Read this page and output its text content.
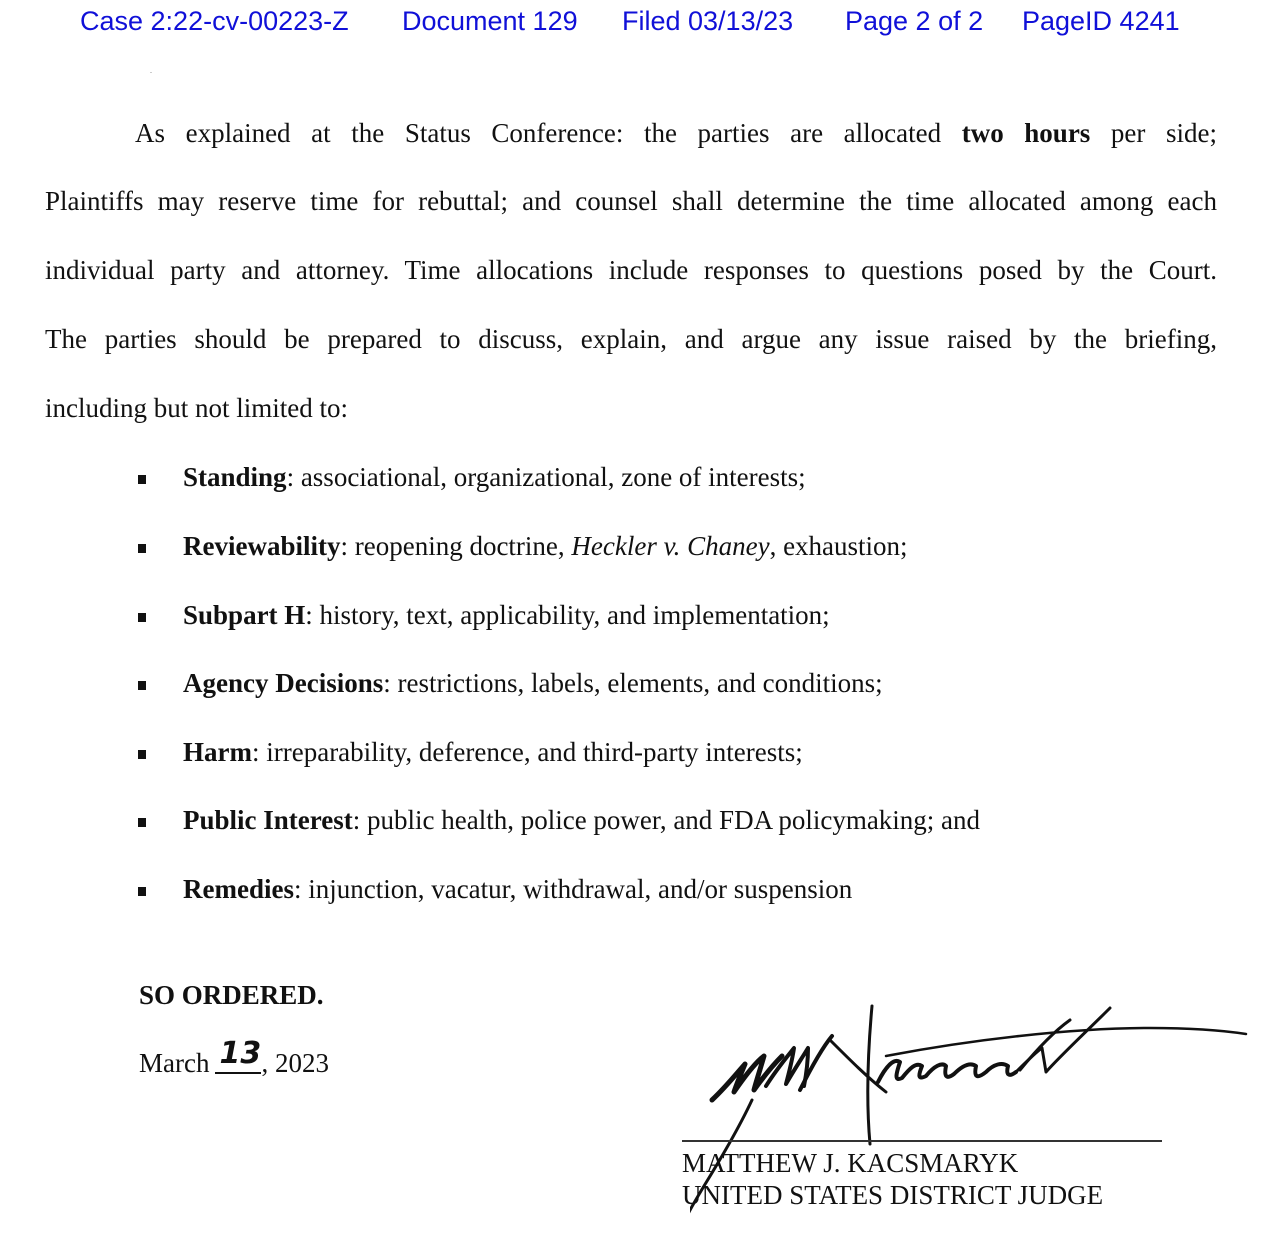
Case 2:22-cv-00223-Z Document 129 Filed 03/13/23 Page 2 of 2 PageID 4241
As explained at the Status Conference: the parties are allocated two hours per side;
Plaintiffs may reserve time for rebuttal; and counsel shall determine the time allocated among each
individual party and attorney. Time allocations include responses to questions posed by the Court.
The parties should be prepared to discuss, explain, and argue any issue raised by the briefing,
including but not limited to:
Standing: associational, organizational, zone of interests;
Reviewability: reopening doctrine, Heckler v. Chaney, exhaustion;
Subpart H: history, text, applicability, and implementation;
Agency Decisions: restrictions, labels, elements, and conditions;
Harm: irreparability, deference, and third-party interests;
Public Interest: public health, police power, and FDA policymaking; and
Remedies: injunction, vacatur, withdrawal, and/or suspension
SO ORDERED.
March 13 , 2023
MATTHEW J. KACSMARYK
UNITED STATES DISTRICT JUDGE
